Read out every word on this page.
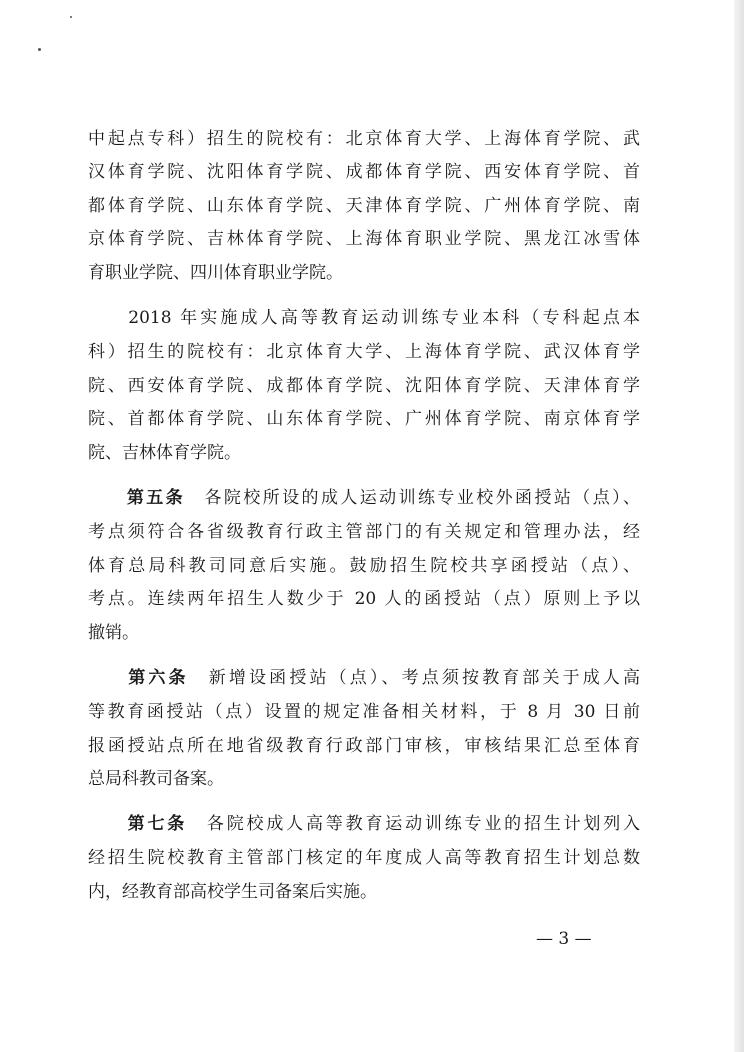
中起点专科）招生的院校有：北京体育大学、上海体育学院、武
汉体育学院、沈阳体育学院、成都体育学院、西安体育学院、首
都体育学院、山东体育学院、天津体育学院、广州体育学院、南
京体育学院、吉林体育学院、上海体育职业学院、黑龙江冰雪体
育职业学院、四川体育职业学院。
　　2018 年实施成人高等教育运动训练专业本科（专科起点本
科）招生的院校有：北京体育大学、上海体育学院、武汉体育学
院、西安体育学院、成都体育学院、沈阳体育学院、天津体育学
院、首都体育学院、山东体育学院、广州体育学院、南京体育学
院、吉林体育学院。
　　第五条　 各院校所设的成人运动训练专业校外函授站（点）、
考点须符合各省级教育行政主管部门的有关规定和管理办法，经
体育总局科教司同意后实施。鼓励招生院校共享函授站（点）、
考点。连续两年招生人数少于 20 人的函授站（点）原则上予以
撤销。
　　第六条　 新增设函授站（点）、考点须按教育部关于成人高
等教育函授站（点）设置的规定准备相关材料，于 8 月 30 日前
报函授站点所在地省级教育行政部门审核，审核结果汇总至体育
总局科教司备案。
　　第七条　 各院校成人高等教育运动训练专业的招生计划列入
经招生院校教育主管部门核定的年度成人高等教育招生计划总数
内，经教育部高校学生司备案后实施。
— 3 —
